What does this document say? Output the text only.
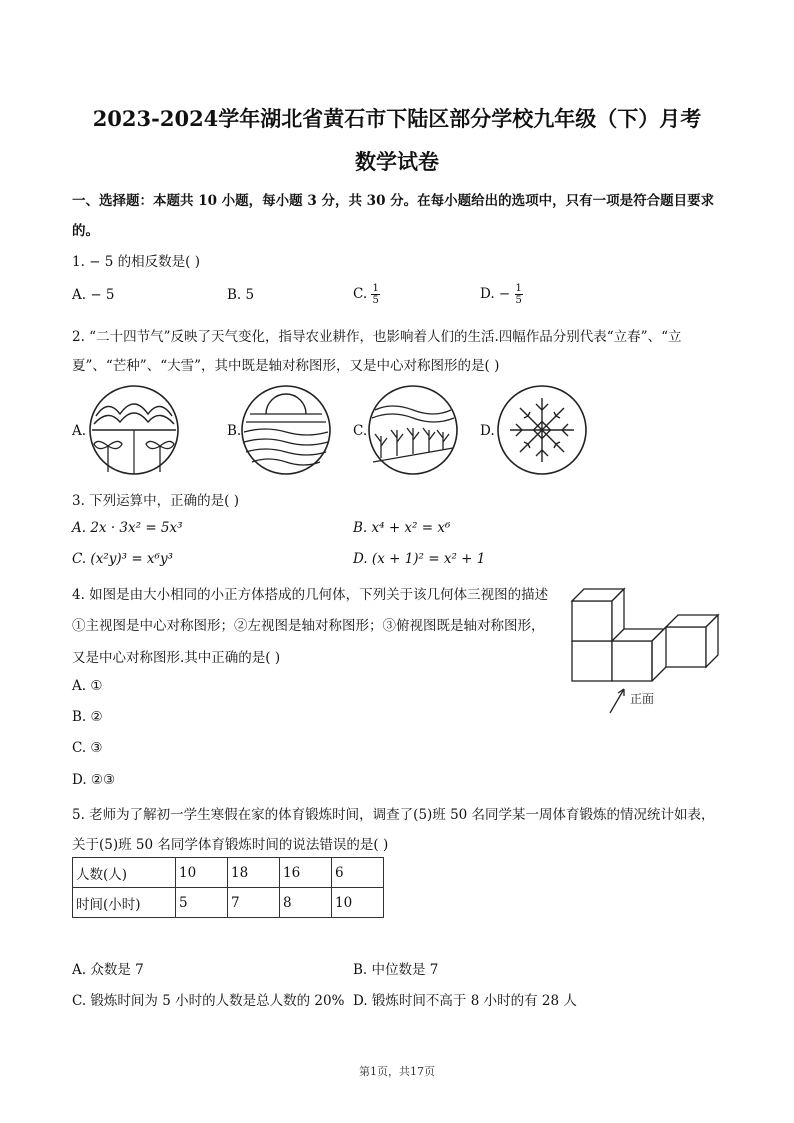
2023-2024学年湖北省黄石市下陆区部分学校九年级（下）月考
数学试卷
一、选择题：本题共 10 小题，每小题 3 分，共 30 分。在每小题给出的选项中，只有一项是符合题目要求
的。
1. − 5 的相反数是( )
A. − 5	B. 5	C. $\frac{1}{5}$	D. − $\frac{1}{5}$
2. “二十四节气”反映了天气变化，指导农业耕作，也影响着人们的生活.四幅作品分别代表“立春”、“立
夏”、“芒种”、“大雪”，其中既是轴对称图形，又是中心对称图形的是( )
A.	B.	C.	D.
3. 下列运算中，正确的是( )
A. 2x · 3x² = 5x³	B. x⁴ + x² = x⁶
C. (x²y)³ = x⁶y³	D. (x + 1)² = x² + 1
4. 如图是由大小相同的小正方体搭成的几何体，下列关于该几何体三视图的描述
①主视图是中心对称图形；②左视图是轴对称图形；③俯视图既是轴对称图形，
又是中心对称图形.其中正确的是( )
A. ①
B. ②
C. ③
D. ②③
正面
5. 老师为了解初一学生寒假在家的体育锻炼时间，调查了(5)班 50 名同学某一周体育锻炼的情况统计如表，
关于(5)班 50 名同学体育锻炼时间的说法错误的是( )
人数(人)	10	18	16	6
时间(小时)	5	7	8	10
A. 众数是 7	B. 中位数是 7
C. 锻炼时间为 5 小时的人数是总人数的 20% D. 锻炼时间不高于 8 小时的有 28 人
第1页，共17页
